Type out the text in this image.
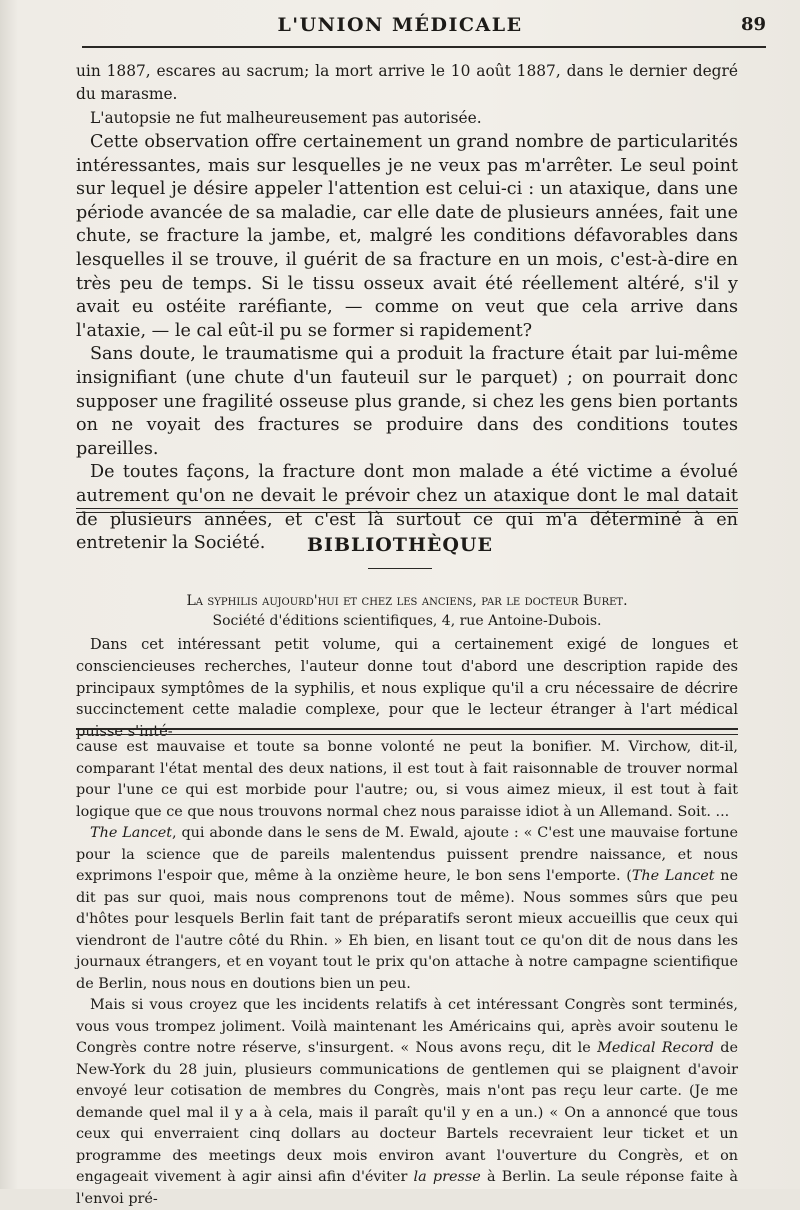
L'UNION MÉDICALE	89

uin 1887, escares au sacrum; la mort arrive le 10 août 1887, dans le dernier degré du marasme.

L'autopsie ne fut malheureusement pas autorisée.

Cette observation offre certainement un grand nombre de particularités intéressantes, mais sur lesquelles je ne veux pas m'arrêter. Le seul point sur lequel je désire appeler l'attention est celui-ci : un ataxique, dans une période avancée de sa maladie, car elle date de plusieurs années, fait une chute, se fracture la jambe, et, malgré les conditions défavorables dans lesquelles il se trouve, il guérit de sa fracture en un mois, c'est-à-dire en très peu de temps. Si le tissu osseux avait été réellement altéré, s'il y avait eu ostéite raréfiante, — comme on veut que cela arrive dans l'ataxie, — le cal eût-il pu se former si rapidement?

Sans doute, le traumatisme qui a produit la fracture était par lui-même insignifiant (une chute d'un fauteuil sur le parquet) ; on pourrait donc supposer une fragilité osseuse plus grande, si chez les gens bien portants on ne voyait des fractures se produire dans des conditions toutes pareilles.

De toutes façons, la fracture dont mon malade a été victime a évolué autrement qu'on ne devait le prévoir chez un ataxique dont le mal datait de plusieurs années, et c'est là surtout ce qui m'a déterminé à en entretenir la Société.	BIBLIOTHÈQUE

La syphilis aujourd'hui et chez les anciens, par le docteur Buret.

Société d'éditions scientifiques, 4, rue Antoine-Dubois.

Dans cet intéressant petit volume, qui a certainement exigé de longues et consciencieuses recherches, l'auteur donne tout d'abord une description rapide des principaux symptômes de la syphilis, et nous explique qu'il a cru nécessaire de décrire succinctement cette maladie complexe, pour que le lecteur étranger à l'art médical puisse s'inté-

cause est mauvaise et toute sa bonne volonté ne peut la bonifier. M. Virchow, dit-il, comparant l'état mental des deux nations, il est tout à fait raisonnable de trouver normal pour l'une ce qui est morbide pour l'autre; ou, si vous aimez mieux, il est tout à fait logique que ce que nous trouvons normal chez nous paraisse idiot à un Allemand. Soit. ...

The Lancet, qui abonde dans le sens de M. Ewald, ajoute : « C'est une mauvaise fortune pour la science que de pareils malentendus puissent prendre naissance, et nous exprimons l'espoir que, même à la onzième heure, le bon sens l'emporte. (The Lancet ne dit pas sur quoi, mais nous comprenons tout de même). Nous sommes sûrs que peu d'hôtes pour lesquels Berlin fait tant de préparatifs seront mieux accueillis que ceux qui viendront de l'autre côté du Rhin. » Eh bien, en lisant tout ce qu'on dit de nous dans les journaux étrangers, et en voyant tout le prix qu'on attache à notre campagne scientifique de Berlin, nous nous en doutions bien un peu.

Mais si vous croyez que les incidents relatifs à cet intéressant Congrès sont terminés, vous vous trompez joliment. Voilà maintenant les Américains qui, après avoir soutenu le Congrès contre notre réserve, s'insurgent. « Nous avons reçu, dit le Medical Record de New-York du 28 juin, plusieurs communications de gentlemen qui se plaignent d'avoir envoyé leur cotisation de membres du Congrès, mais n'ont pas reçu leur carte. (Je me demande quel mal il y a à cela, mais il paraît qu'il y en a un.) « On a annoncé que tous ceux qui enverraient cinq dollars au docteur Bartels recevraient leur ticket et un programme des meetings deux mois environ avant l'ouverture du Congrès, et on engageait vivement à agir ainsi afin d'éviter la presse à Berlin. La seule réponse faite à l'envoi pré-
